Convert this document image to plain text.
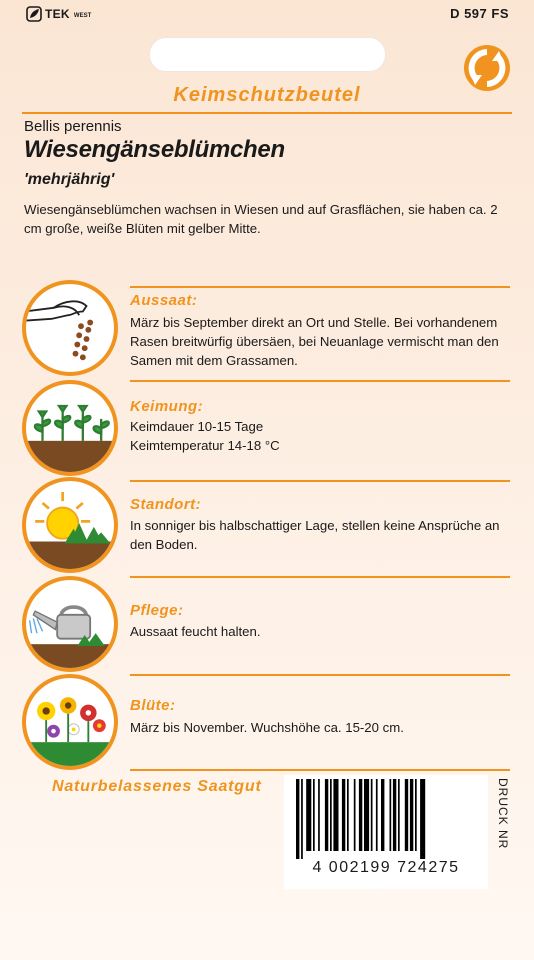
TEK WEST	D 597 FS
Keimschutzbeutel
Bellis perennis
Wiesengänseblümchen
'mehrjährig'
Wiesengänseblümchen wachsen in Wiesen und auf Grasflächen, sie haben ca. 2 cm große, weiße Blüten mit gelber Mitte.
Aussaat:
März bis September direkt an Ort und Stelle. Bei vorhandenem Rasen breitwürfig übersäen, bei Neuanlage vermischt man den Samen mit dem Grassamen.
Keimung:
Keimdauer 10-15 Tage
Keimtemperatur 14-18 °C
Standort:
In sonniger bis halbschattiger Lage, stellen keine Ansprüche an den Boden.
Pflege:
Aussaat feucht halten.
Blüte:
März bis November. Wuchshöhe ca. 15-20 cm.
Naturbelassenes Saatgut
4 002199 724275
DRUCK NR
